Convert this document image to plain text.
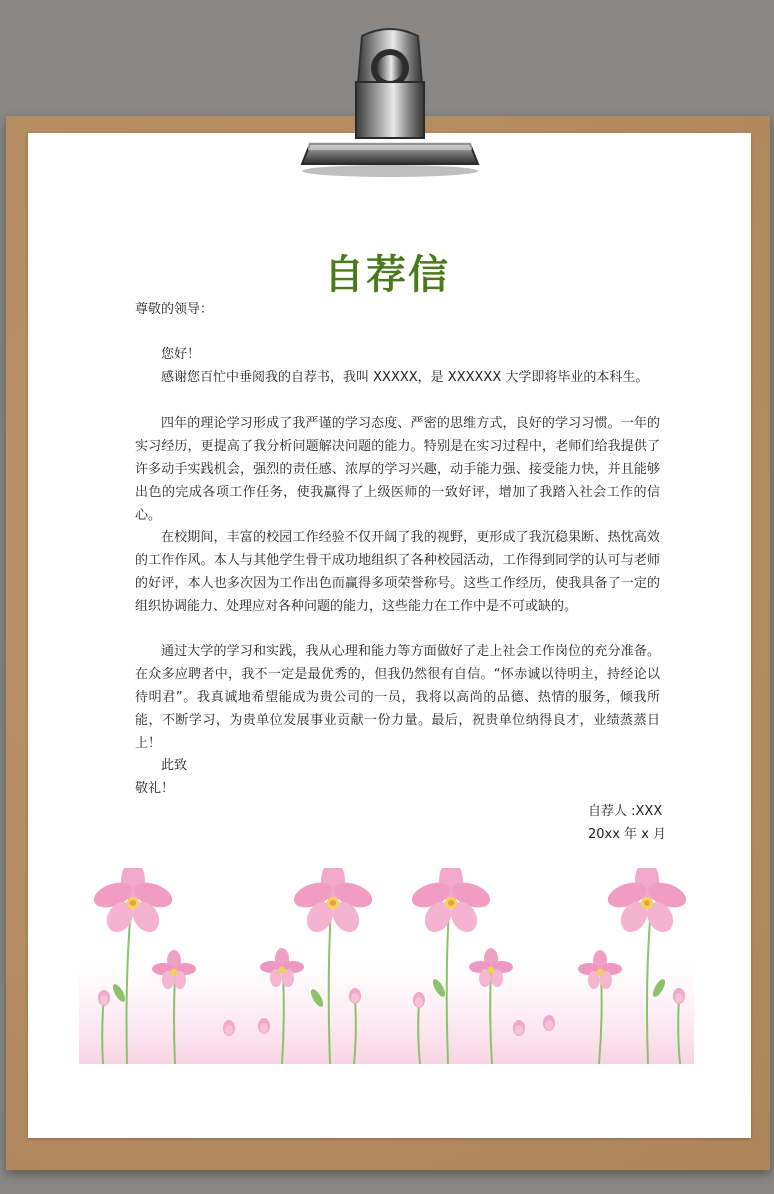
自荐信
尊敬的领导：
您好！
感谢您百忙中垂阅我的自荐书，我叫 XXXXX，是 XXXXXX 大学即将毕业的本科生。
四年的理论学习形成了我严谨的学习态度、严密的思维方式，良好的学习习惯。一年的实习经历，更提高了我分析问题解决问题的能力。特别是在实习过程中，老师们给我提供了许多动手实践机会，强烈的责任感、浓厚的学习兴趣，动手能力强、接受能力快，并且能够出色的完成各项工作任务，使我赢得了上级医师的一致好评，增加了我踏入社会工作的信心。
在校期间，丰富的校园工作经验不仅开阔了我的视野，更形成了我沉稳果断、热忱高效的工作作风。本人与其他学生骨干成功地组织了各种校园活动，工作得到同学的认可与老师的好评，本人也多次因为工作出色而赢得多项荣誉称号。这些工作经历，使我具备了一定的组织协调能力、处理应对各种问题的能力，这些能力在工作中是不可或缺的。
通过大学的学习和实践，我从心理和能力等方面做好了走上社会工作岗位的充分准备。在众多应聘者中，我不一定是最优秀的，但我仍然很有自信。“怀赤诚以待明主，持经论以待明君”。我真诚地希望能成为贵公司的一员，我将以高尚的品德、热情的服务，倾我所能，不断学习，为贵单位发展事业贡献一份力量。最后，祝贵单位纳得良才，业绩蒸蒸日上！
此致
敬礼！
自荐人 :XXX
20xx 年 x 月
